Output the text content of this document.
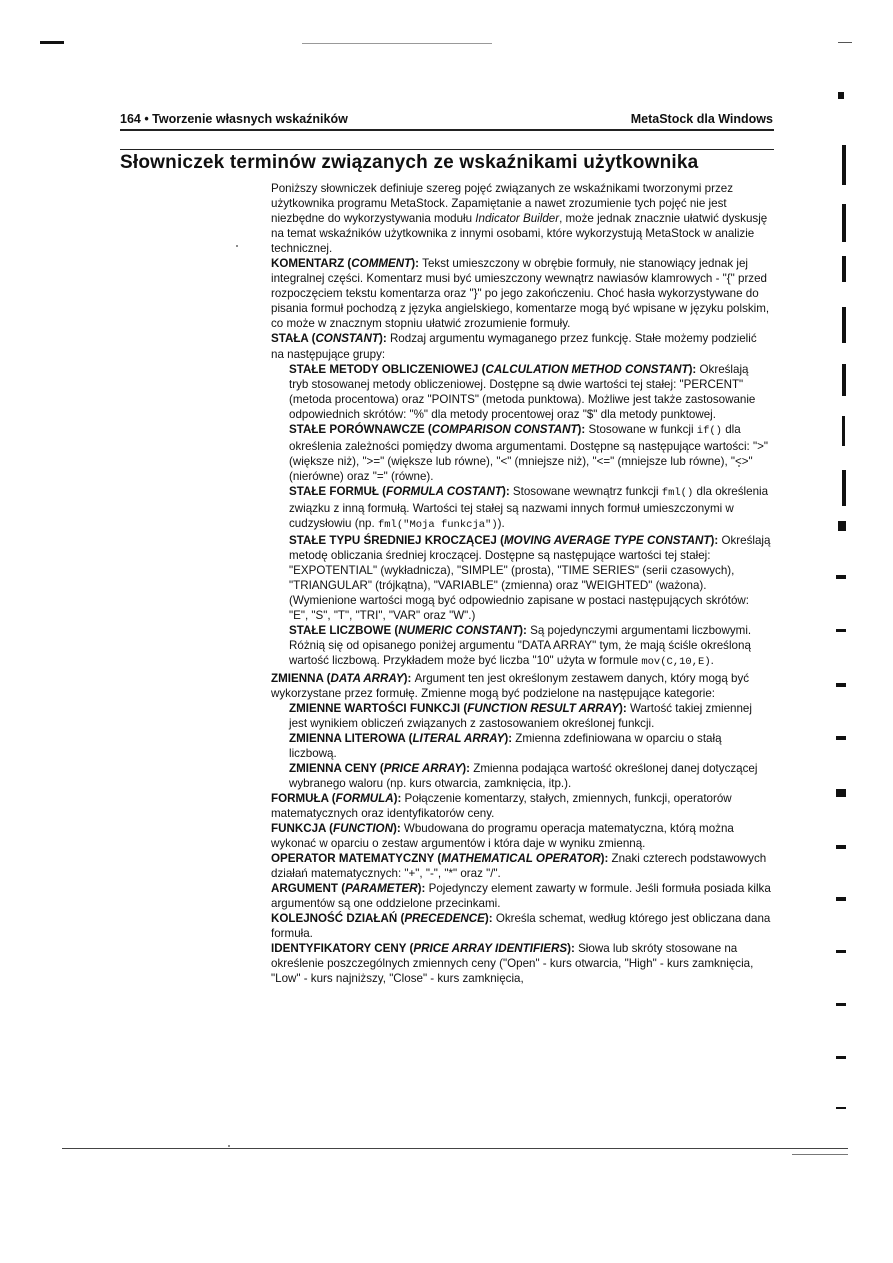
164 • Tworzenie własnych wskaźników	MetaStock dla Windows
Słowniczek terminów związanych ze wskaźnikami użytkownika

Poniższy słowniczek definiuje szereg pojęć związanych ze wskaźnikami tworzonymi przez użytkownika programu MetaStock. Zapamiętanie a nawet zrozumienie tych pojęć nie jest niezbędne do wykorzystywania modułu Indicator Builder, może jednak znacznie ułatwić dyskusję na temat wskaźników użytkownika z innymi osobami, które wykorzystują MetaStock w analizie technicznej.

KOMENTARZ (COMMENT): Tekst umieszczony w obrębie formuły, nie stanowiący jednak jej integralnej części. Komentarz musi być umieszczony wewnątrz nawiasów klamrowych - "{" przed rozpoczęciem tekstu komentarza oraz "}" po jego zakończeniu. Choć hasła wykorzystywane do pisania formuł pochodzą z języka angielskiego, komentarze mogą być wpisane w języku polskim, co może w znacznym stopniu ułatwić zrozumienie formuły.

STAŁA (CONSTANT): Rodzaj argumentu wymaganego przez funkcję. Stałe możemy podzielić na następujące grupy:

STAŁE METODY OBLICZENIOWEJ (CALCULATION METHOD CONSTANT): Określają tryb stosowanej metody obliczeniowej. Dostępne są dwie wartości tej stałej: "PERCENT" (metoda procentowa) oraz "POINTS" (metoda punktowa). Możliwe jest także zastosowanie odpowiednich skrótów: "%" dla metody procentowej oraz "$" dla metody punktowej.

STAŁE PORÓWNAWCZE (COMPARISON CONSTANT): Stosowane w funkcji if() dla określenia zależności pomiędzy dwoma argumentami. Dostępne są następujące wartości: ">" (większe niż), ">=" (większe lub równe), "<" (mniejsze niż), "<=" (mniejsze lub równe), "<>" (nierówne) oraz "=" (równe).

STAŁE FORMUŁ (FORMULA COSTANT): Stosowane wewnątrz funkcji fml() dla określenia związku z inną formułą. Wartości tej stałej są nazwami innych formuł umieszczonymi w cudzysłowiu (np. fml("Moja funkcja")).

STAŁE TYPU ŚREDNIEJ KROCZĄCEJ (MOVING AVERAGE TYPE CONSTANT): Określają metodę obliczania średniej kroczącej. Dostępne są następujące wartości tej stałej: "EXPOTENTIAL" (wykładnicza), "SIMPLE" (prosta), "TIME SERIES" (serii czasowych), "TRIANGULAR" (trójkątna), "VARIABLE" (zmienna) oraz "WEIGHTED" (ważona). (Wymienione wartości mogą być odpowiednio zapisane w postaci następujących skrótów: "E", "S", "T", "TRI", "VAR" oraz "W".)

STAŁE LICZBOWE (NUMERIC CONSTANT): Są pojedynczymi argumentami liczbowymi. Różnią się od opisanego poniżej argumentu "DATA ARRAY" tym, że mają ściśle określoną wartość liczbową. Przykładem może być liczba "10" użyta w formule mov(C,10,E).

ZMIENNA (DATA ARRAY): Argument ten jest określonym zestawem danych, który mogą być wykorzystane przez formułę. Zmienne mogą być podzielone na następujące kategorie:

ZMIENNE WARTOŚCI FUNKCJI (FUNCTION RESULT ARRAY): Wartość takiej zmiennej jest wynikiem obliczeń związanych z zastosowaniem określonej funkcji.

ZMIENNA LITEROWA (LITERAL ARRAY): Zmienna zdefiniowana w oparciu o stałą liczbową.

ZMIENNA CENY (PRICE ARRAY): Zmienna podająca wartość określonej danej dotyczącej wybranego waloru (np. kurs otwarcia, zamknięcia, itp.).

FORMUŁA (FORMULA): Połączenie komentarzy, stałych, zmiennych, funkcji, operatorów matematycznych oraz identyfikatorów ceny.

FUNKCJA (FUNCTION): Wbudowana do programu operacja matematyczna, którą można wykonać w oparciu o zestaw argumentów i która daje w wyniku zmienną.

OPERATOR MATEMATYCZNY (MATHEMATICAL OPERATOR): Znaki czterech podstawowych działań matematycznych: "+", "-", "*" oraz "/".

ARGUMENT (PARAMETER): Pojedynczy element zawarty w formule. Jeśli formuła posiada kilka argumentów są one oddzielone przecinkami.

KOLEJNOŚĆ DZIAŁAŃ (PRECEDENCE): Określa schemat, według którego jest obliczana dana formuła.

IDENTYFIKATORY CENY (PRICE ARRAY IDENTIFIERS): Słowa lub skróty stosowane na określenie poszczególnych zmiennych ceny ("Open" - kurs otwarcia, "High" - kurs zamknięcia, "Low" - kurs najniższy, "Close" - kurs zamknięcia,
